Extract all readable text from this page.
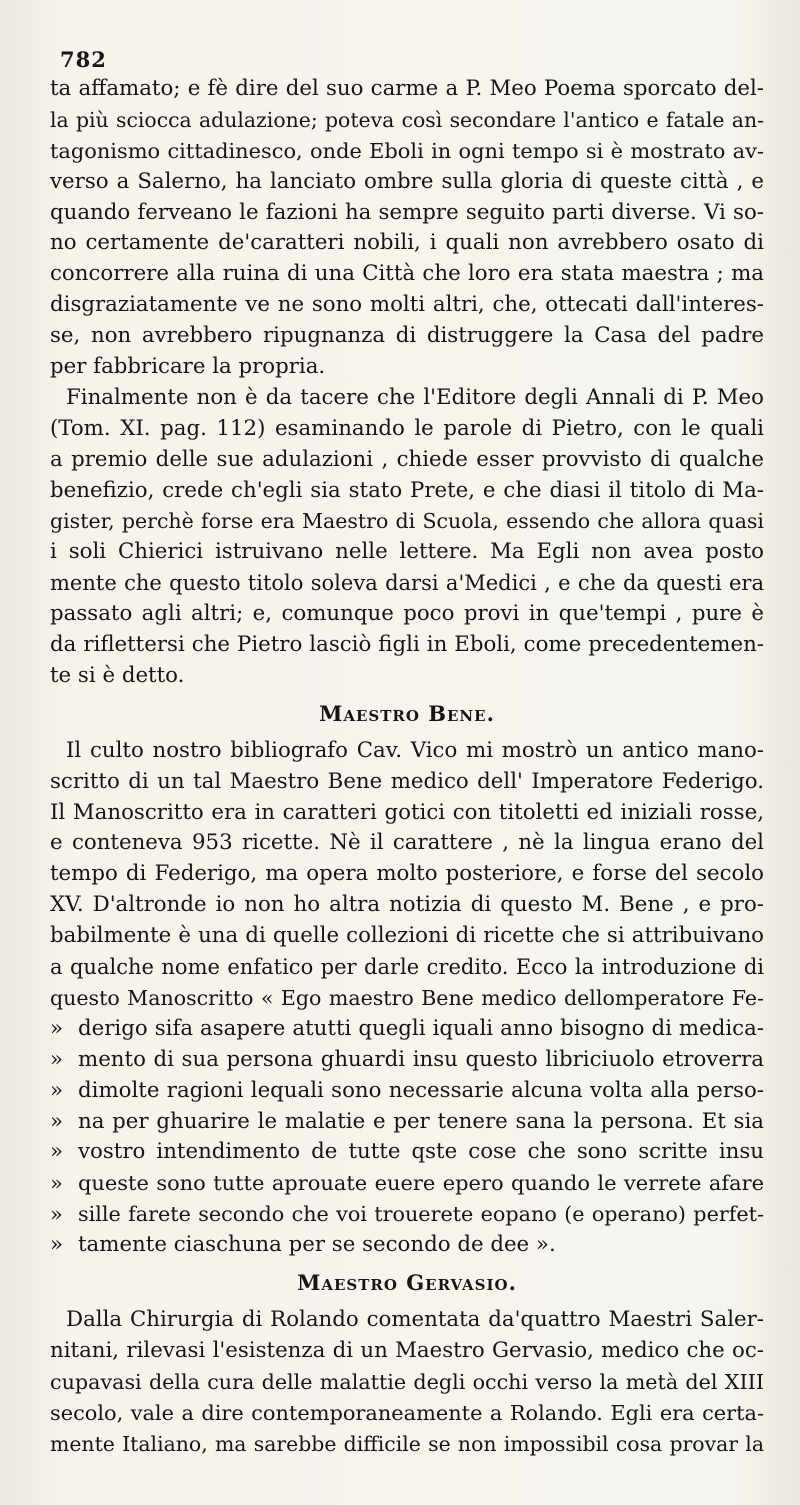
782
ta affamato; e fè dire del suo carme a P. Meo Poema sporcato del-
la più sciocca adulazione; poteva così secondare l'antico e fatale an-
tagonismo cittadinesco, onde Eboli in ogni tempo si è mostrato av-
verso a Salerno, ha lanciato ombre sulla gloria di queste città , e
quando ferveano le fazioni ha sempre seguito parti diverse. Vi so-
no certamente de'caratteri nobili, i quali non avrebbero osato di
concorrere alla ruina di una Città che loro era stata maestra ; ma
disgraziatamente ve ne sono molti altri, che, ottecati dall'interes-
se, non avrebbero ripugnanza di distruggere la Casa del padre
per fabbricare la propria.
Finalmente non è da tacere che l'Editore degli Annali di P. Meo
(Tom. XI. pag. 112) esaminando le parole di Pietro, con le quali
a premio delle sue adulazioni , chiede esser provvisto di qualche
benefizio, crede ch'egli sia stato Prete, e che diasi il titolo di Ma-
gister, perchè forse era Maestro di Scuola, essendo che allora quasi
i soli Chierici istruivano nelle lettere. Ma Egli non avea posto
mente che questo titolo soleva darsi a'Medici , e che da questi era
passato agli altri; e, comunque poco provi in que'tempi , pure è
da riflettersi che Pietro lasciò figli in Eboli, come precedentemen-
te si è detto.
Maestro Bene.
Il culto nostro bibliografo Cav. Vico mi mostrò un antico mano-
scritto di un tal Maestro Bene medico dell' Imperatore Federigo.
Il Manoscritto era in caratteri gotici con titoletti ed iniziali rosse,
e conteneva 953 ricette. Nè il carattere , nè la lingua erano del
tempo di Federigo, ma opera molto posteriore, e forse del secolo
XV. D'altronde io non ho altra notizia di questo M. Bene , e pro-
babilmente è una di quelle collezioni di ricette che si attribuivano
a qualche nome enfatico per darle credito. Ecco la introduzione di
questo Manoscritto « Ego maestro Bene medico dellomperatore Fe-
» derigo sifa asapere atutti quegli iquali anno bisogno di medica-
» mento di sua persona ghuardi insu questo libriciuolo etroverra
» dimolte ragioni lequali sono necessarie alcuna volta alla perso-
» na per ghuarire le malatie e per tenere sana la persona. Et sia
» vostro intendimento de tutte qste cose che sono scritte insu
» queste sono tutte aprouate euere epero quando le verrete afare
» sille farete secondo che voi trouerete eopano (e operano) perfet-
» tamente ciaschuna per se secondo de dee ».
Maestro Gervasio.
Dalla Chirurgia di Rolando comentata da'quattro Maestri Saler-
nitani, rilevasi l'esistenza di un Maestro Gervasio, medico che oc-
cupavasi della cura delle malattie degli occhi verso la metà del XIII
secolo, vale a dire contemporaneamente a Rolando. Egli era certa-
mente Italiano, ma sarebbe difficile se non impossibil cosa provar la
